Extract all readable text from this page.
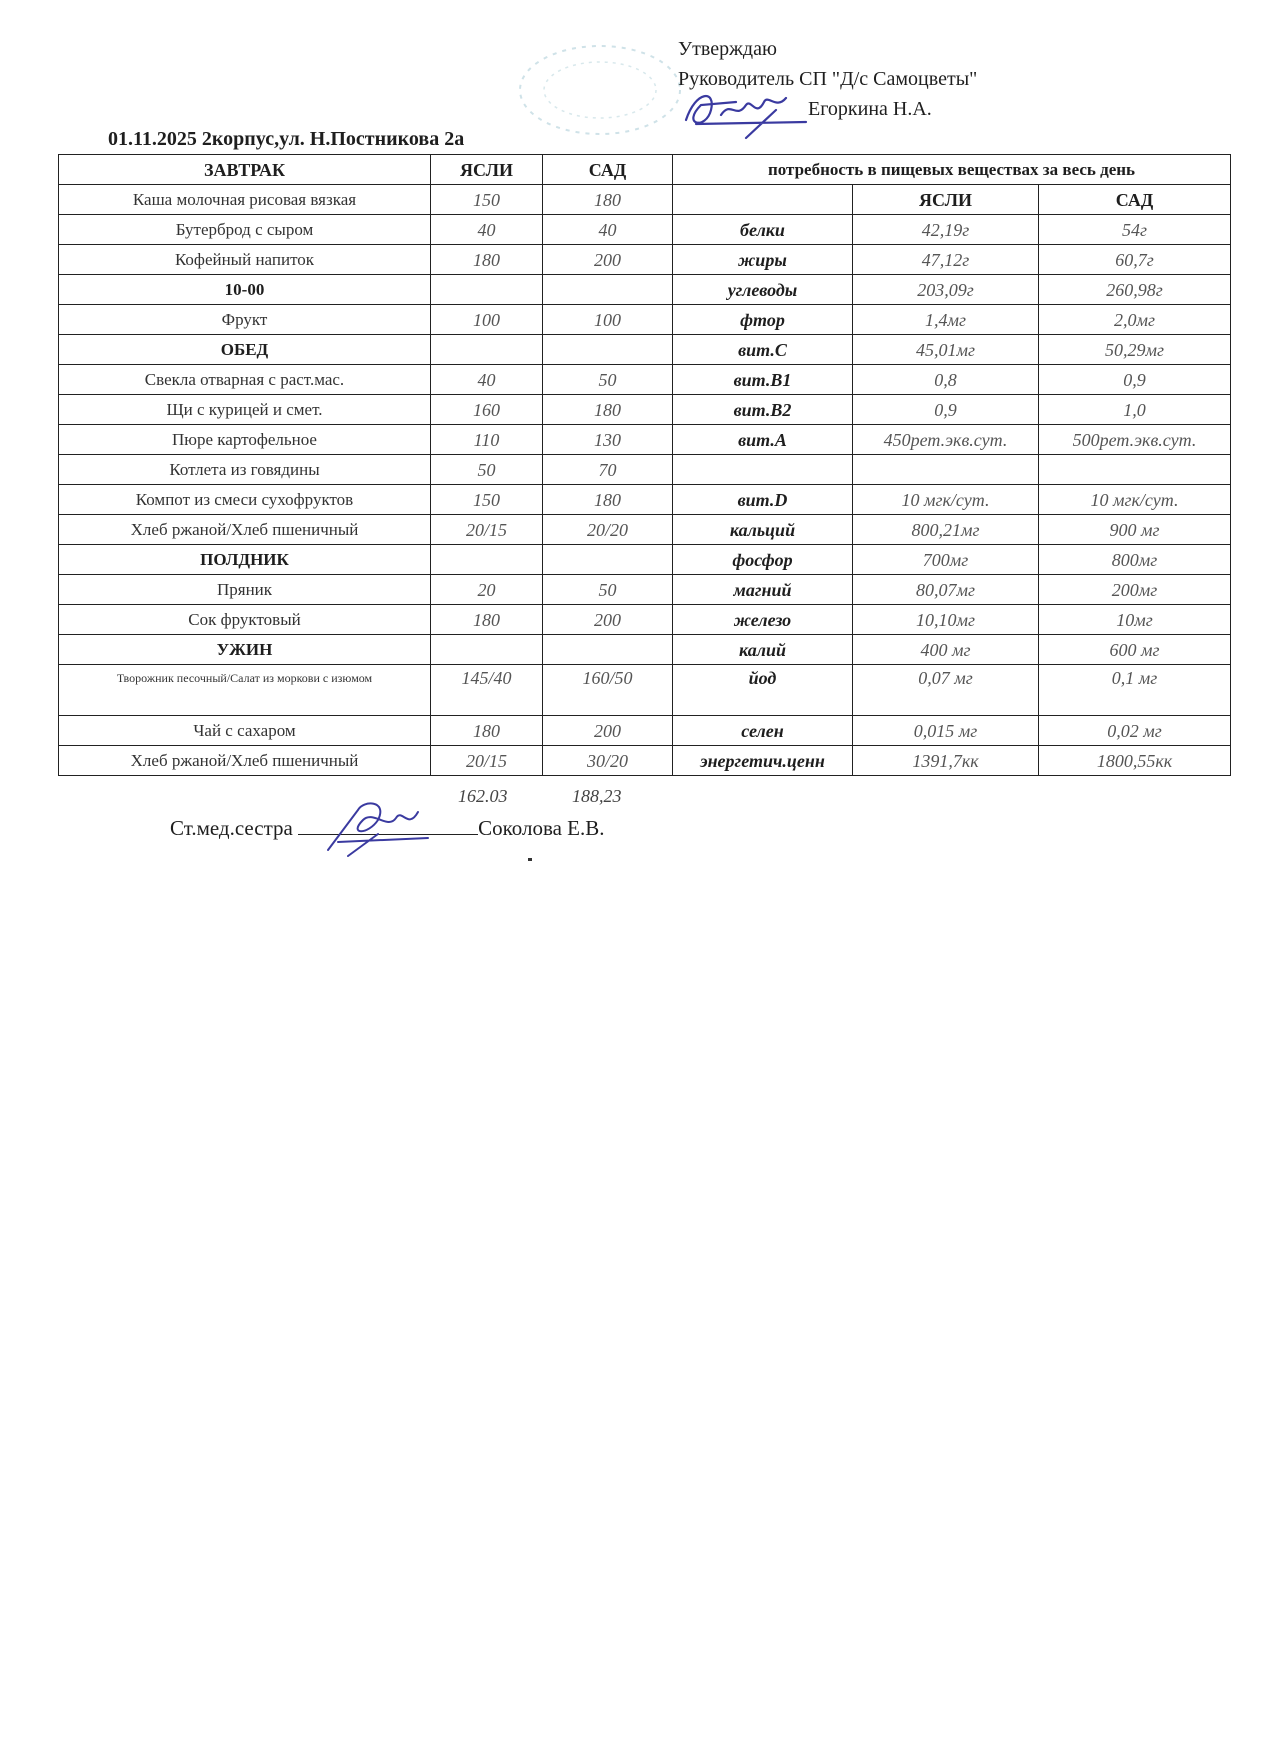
Утверждаю
Руководитель СП "Д/с Самоцветы"
Егоркина Н.А.
01.11.2025 2корпус,ул. Н.Постникова 2а
ЗАВТРАК	ЯСЛИ	САД	потребность в пищевых веществах за весь день		
Каша молочная рисовая вязкая	150	180		ЯСЛИ	САД
Бутерброд с сыром	40	40	белки	42,19г	54г
Кофейный напиток	180	200	жиры	47,12г	60,7г
10-00			углеводы	203,09г	260,98г
Фрукт	100	100	фтор	1,4мг	2,0мг
ОБЕД			вит.С	45,01мг	50,29мг
Свекла отварная с раст.мас.	40	50	вит.В1	0,8	0,9
Щи с курицей и смет.	160	180	вит.В2	0,9	1,0
Пюре картофельное	110	130	вит.А	450рет.экв.сут.	500рет.экв.сут.
Котлета из говядины	50	70			
Компот из смеси сухофруктов	150	180	вит.D	10 мгк/сут.	10 мгк/сут.
Хлеб ржаной/Хлеб пшеничный	20/15	20/20	кальций	800,21мг	900 мг
ПОЛДНИК			фосфор	700мг	800мг
Пряник	20	50	магний	80,07мг	200мг
Сок фруктовый	180	200	железо	10,10мг	10мг
УЖИН			калий	400 мг	600 мг
Творожник песочный/Салат из моркови с изюмом	145/40	160/50	йод	0,07 мг	0,1 мг
Чай с сахаром	180	200	селен	0,015 мг	0,02 мг
Хлеб ржаной/Хлеб пшеничный	20/15	30/20	энергетич.ценн	1391,7кк	1800,55кк
162.03	188,23
Ст.мед.сестра	Соколова Е.В.
